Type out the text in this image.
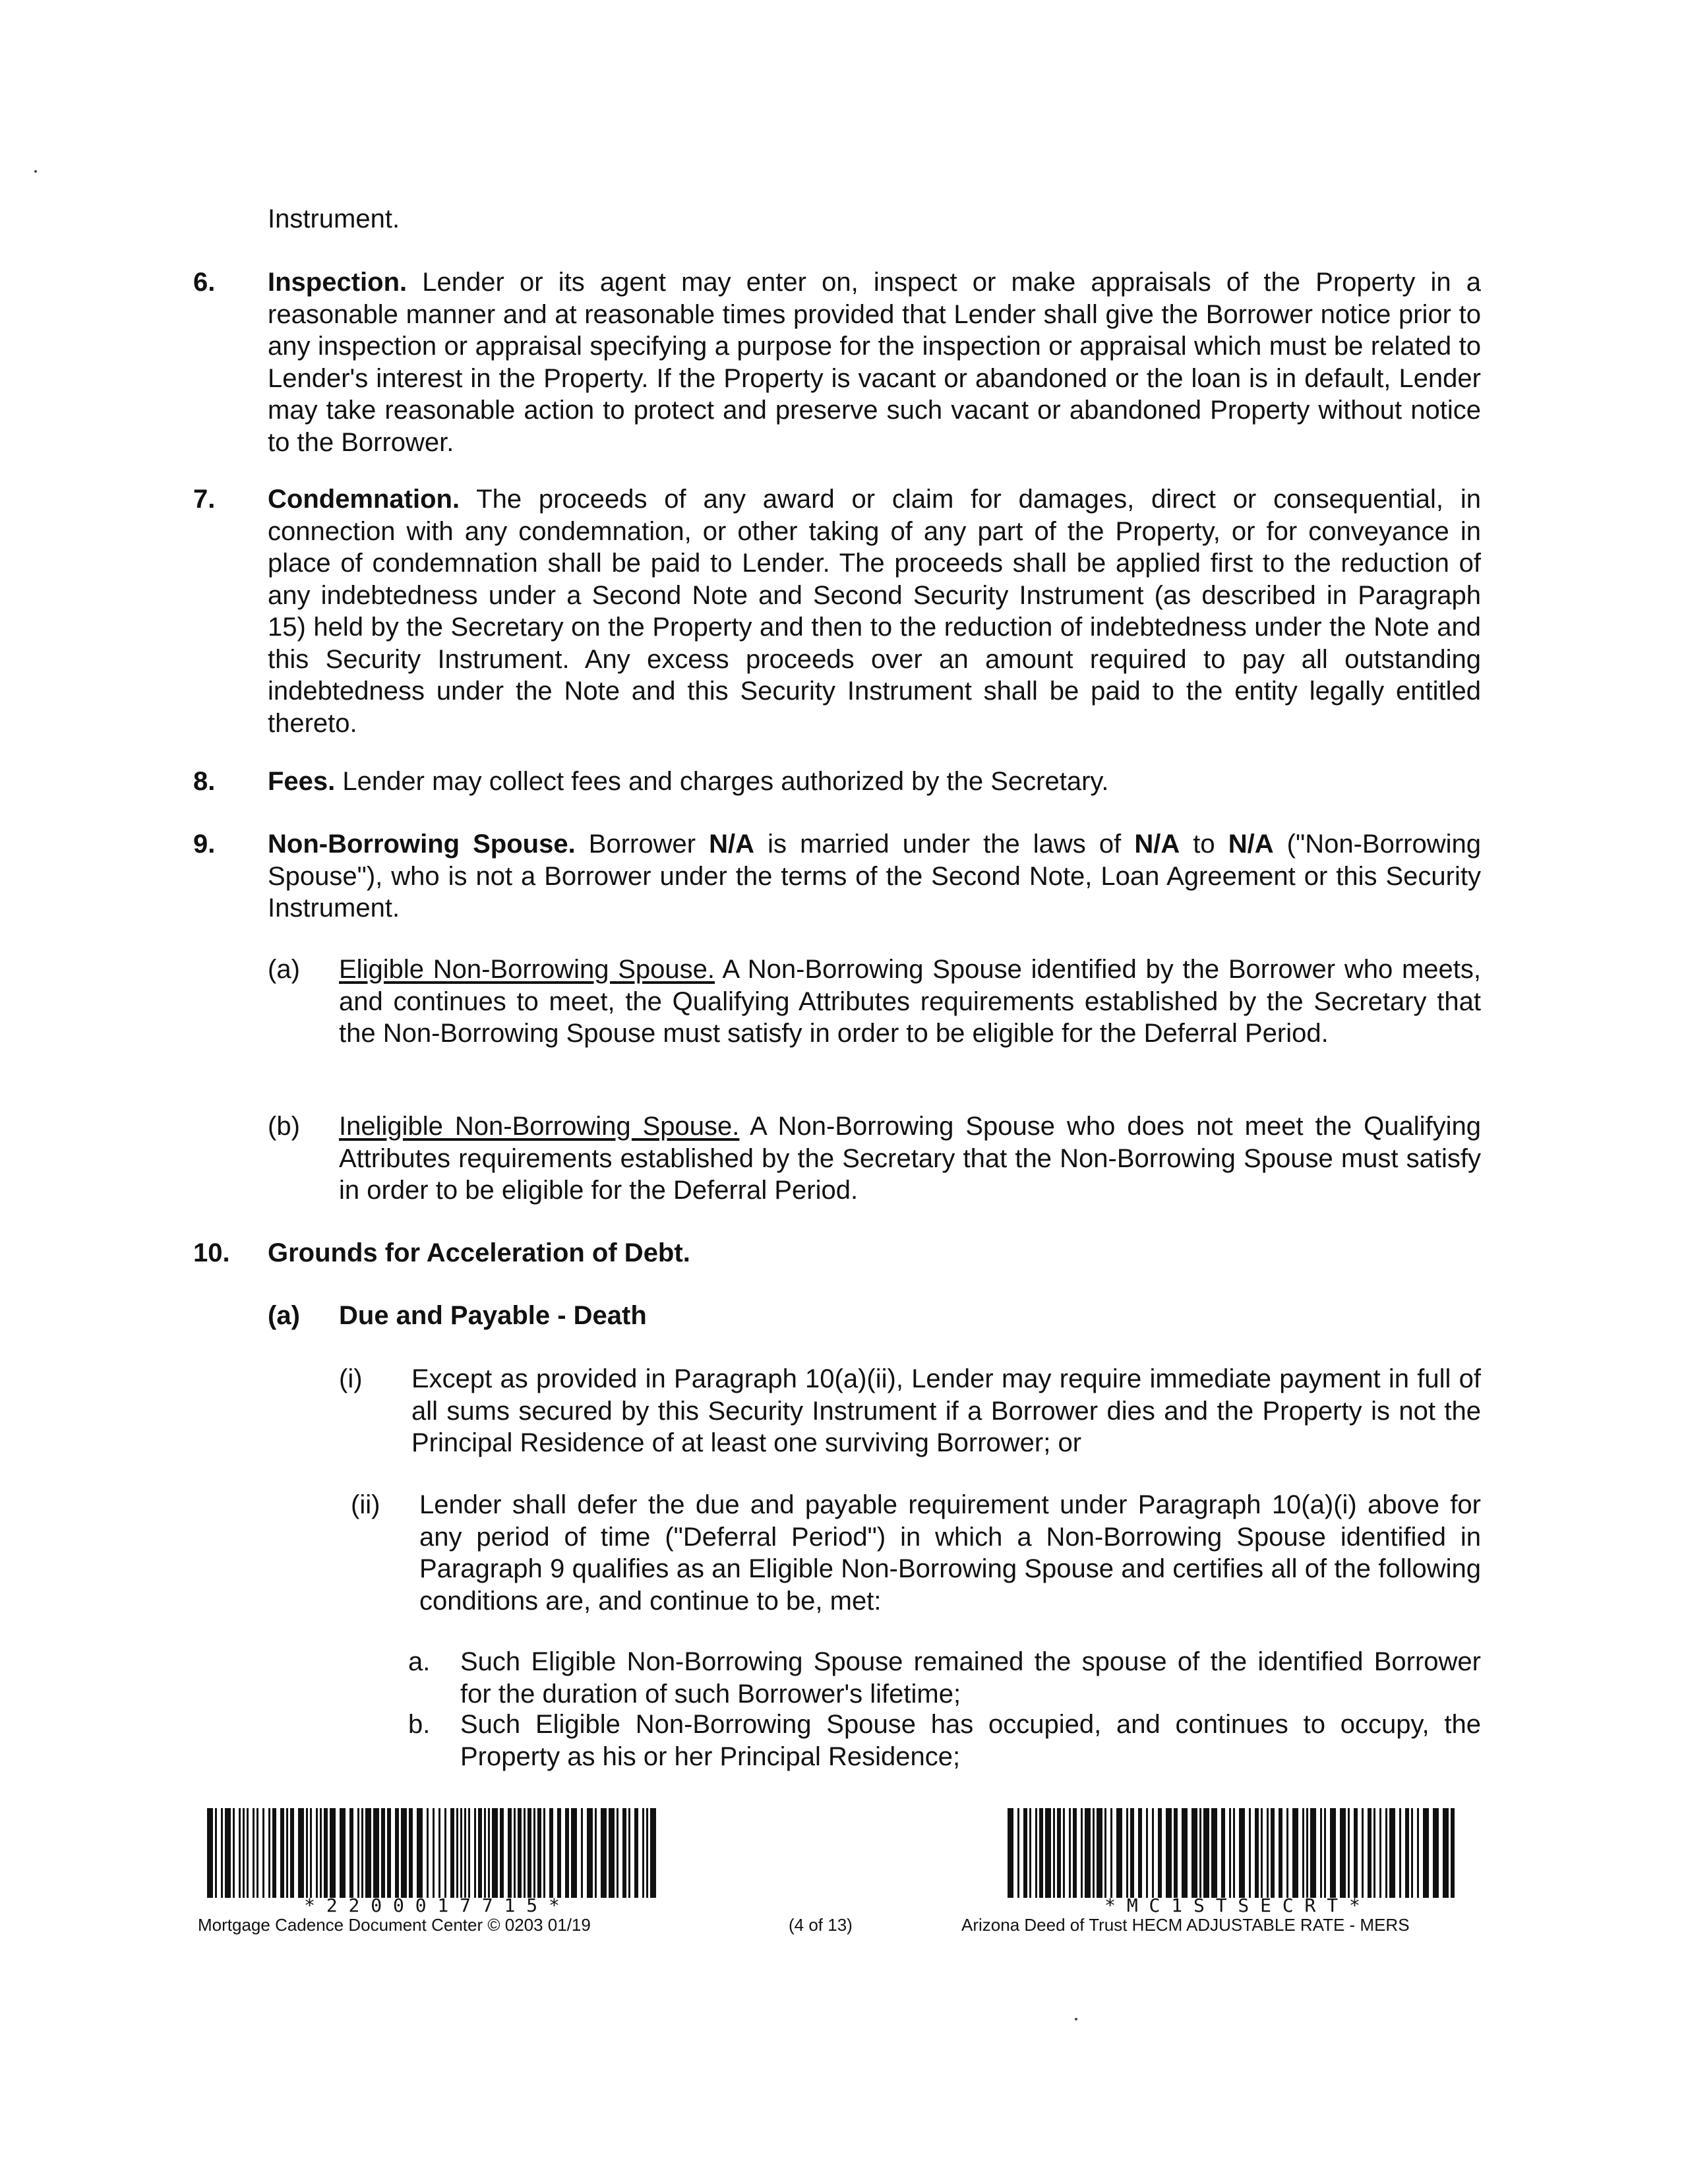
Instrument.

6. Inspection. Lender or its agent may enter on, inspect or make appraisals of the Property in a reasonable manner and at reasonable times provided that Lender shall give the Borrower notice prior to any inspection or appraisal specifying a purpose for the inspection or appraisal which must be related to Lender's interest in the Property. If the Property is vacant or abandoned or the loan is in default, Lender may take reasonable action to protect and preserve such vacant or abandoned Property without notice to the Borrower.

7. Condemnation. The proceeds of any award or claim for damages, direct or consequential, in connection with any condemnation, or other taking of any part of the Property, or for conveyance in place of condemnation shall be paid to Lender. The proceeds shall be applied first to the reduction of any indebtedness under a Second Note and Second Security Instrument (as described in Paragraph 15) held by the Secretary on the Property and then to the reduction of indebtedness under the Note and this Security Instrument. Any excess proceeds over an amount required to pay all outstanding indebtedness under the Note and this Security Instrument shall be paid to the entity legally entitled thereto.

8. Fees. Lender may collect fees and charges authorized by the Secretary.

9. Non-Borrowing Spouse. Borrower N/A is married under the laws of N/A to N/A ("Non-Borrowing Spouse"), who is not a Borrower under the terms of the Second Note, Loan Agreement or this Security Instrument.

(a) Eligible Non-Borrowing Spouse. A Non-Borrowing Spouse identified by the Borrower who meets, and continues to meet, the Qualifying Attributes requirements established by the Secretary that the Non-Borrowing Spouse must satisfy in order to be eligible for the Deferral Period.

(b) Ineligible Non-Borrowing Spouse. A Non-Borrowing Spouse who does not meet the Qualifying Attributes requirements established by the Secretary that the Non-Borrowing Spouse must satisfy in order to be eligible for the Deferral Period.

10. Grounds for Acceleration of Debt.

(a) Due and Payable - Death

(i) Except as provided in Paragraph 10(a)(ii), Lender may require immediate payment in full of all sums secured by this Security Instrument if a Borrower dies and the Property is not the Principal Residence of at least one surviving Borrower; or

(ii) Lender shall defer the due and payable requirement under Paragraph 10(a)(i) above for any period of time ("Deferral Period") in which a Non-Borrowing Spouse identified in Paragraph 9 qualifies as an Eligible Non-Borrowing Spouse and certifies all of the following conditions are, and continue to be, met:

a. Such Eligible Non-Borrowing Spouse remained the spouse of the identified Borrower for the duration of such Borrower's lifetime;

b. Such Eligible Non-Borrowing Spouse has occupied, and continues to occupy, the Property as his or her Principal Residence;

* 2 2 0 0 0 1 7 7 1 5 *
Mortgage Cadence Document Center © 0203 01/19	(4 of 13)
* M C 1 S T S E C R T *
Arizona Deed of Trust HECM ADJUSTABLE RATE - MERS
